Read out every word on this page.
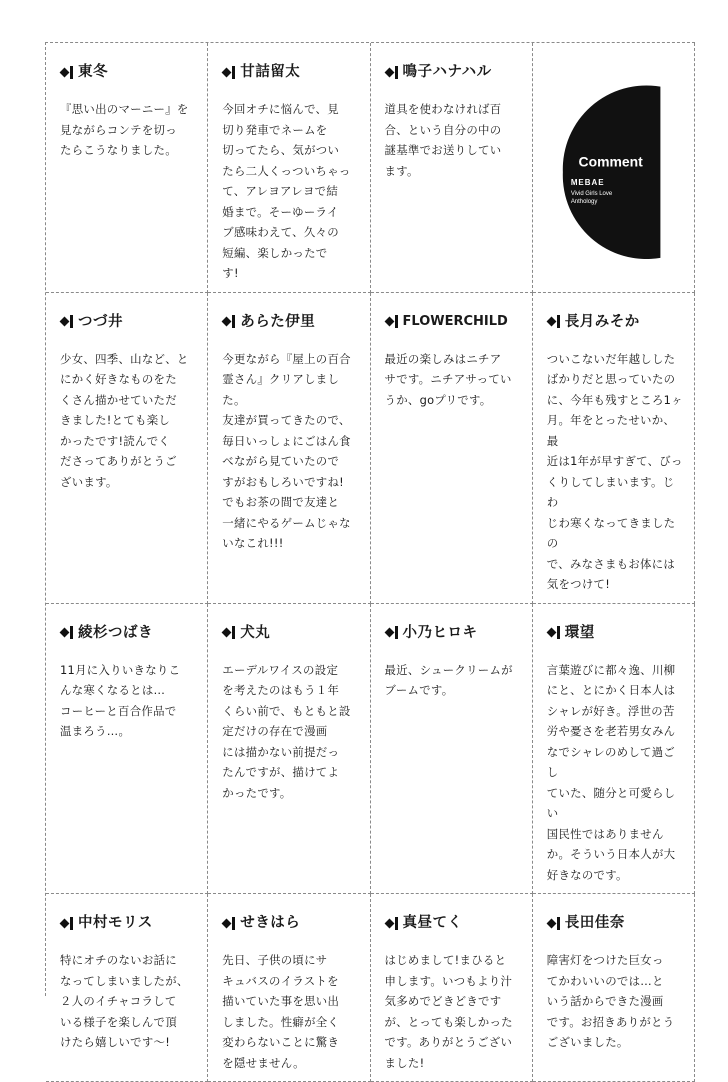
東冬
『思い出のマーニー』を
見ながらコンテを切っ
たらこうなりました。
甘詰留太
今回オチに悩んで、見
切り発車でネームを
切ってたら、気がつい
たら二人くっついちゃっ
て、アレヨアレヨで結
婚まで。そーゆーライ
ブ感味わえて、久々の
短編、楽しかったで
す!
鳴子ハナハル
道具を使わなければ百
合、という自分の中の
謎基準でお送りしてい
ます。
Comment
MEBAE
Vivid Girls Love
Anthology
つづ井
少女、四季、山など、と
にかく好きなものをた
くさん描かせていただ
きました!とても楽し
かったです!読んでく
ださってありがとうご
ざいます。
あらた伊里
今更ながら『屋上の百合
霊さん』クリアしました。
友達が買ってきたので、
毎日いっしょにごはん食
べながら見ていたので
すがおもしろいですね!
でもお茶の間で友達と
一緒にやるゲームじゃな
いなこれ!!!
FLOWERCHILD
最近の楽しみはニチア
サです。ニチアサってい
うか、goプリです。
長月みそか
ついこないだ年越しした
ばかりだと思っていたの
に、今年も残すところ1ヶ
月。年をとったせいか、最
近は1年が早すぎて、びっ
くりしてしまいます。じわ
じわ寒くなってきましたの
で、みなさまもお体には
気をつけて!
綾杉つばき
11月に入りいきなりこ
んな寒くなるとは…
コーヒーと百合作品で
温まろう…。
犬丸
エーデルワイスの設定
を考えたのはもう１年
くらい前で、もともと設
定だけの存在で漫画
には描かない前提だっ
たんですが、描けてよ
かったです。
小乃ヒロキ
最近、シュークリームが
ブームです。
環望
言葉遊びに都々逸、川柳
にと、とにかく日本人は
シャレが好き。浮世の苦
労や憂さを老若男女みん
なでシャレのめして過ごし
ていた、随分と可愛らしい
国民性ではありません
か。そういう日本人が大
好きなのです。
中村モリス
特にオチのないお話に
なってしまいましたが、
２人のイチャコラして
いる様子を楽しんで頂
けたら嬉しいです〜!
せきはら
先日、子供の頃にサ
キュバスのイラストを
描いていた事を思い出
しました。性癖が全く
変わらないことに驚き
を隠せません。
真昼てく
はじめまして!まひると
申します。いつもより汁
気多めでどきどきです
が、とっても楽しかった
です。ありがとうござい
ました!
長田佳奈
障害灯をつけた巨女っ
てかわいいのでは…と
いう話からできた漫画
です。お招きありがとう
ございました。
